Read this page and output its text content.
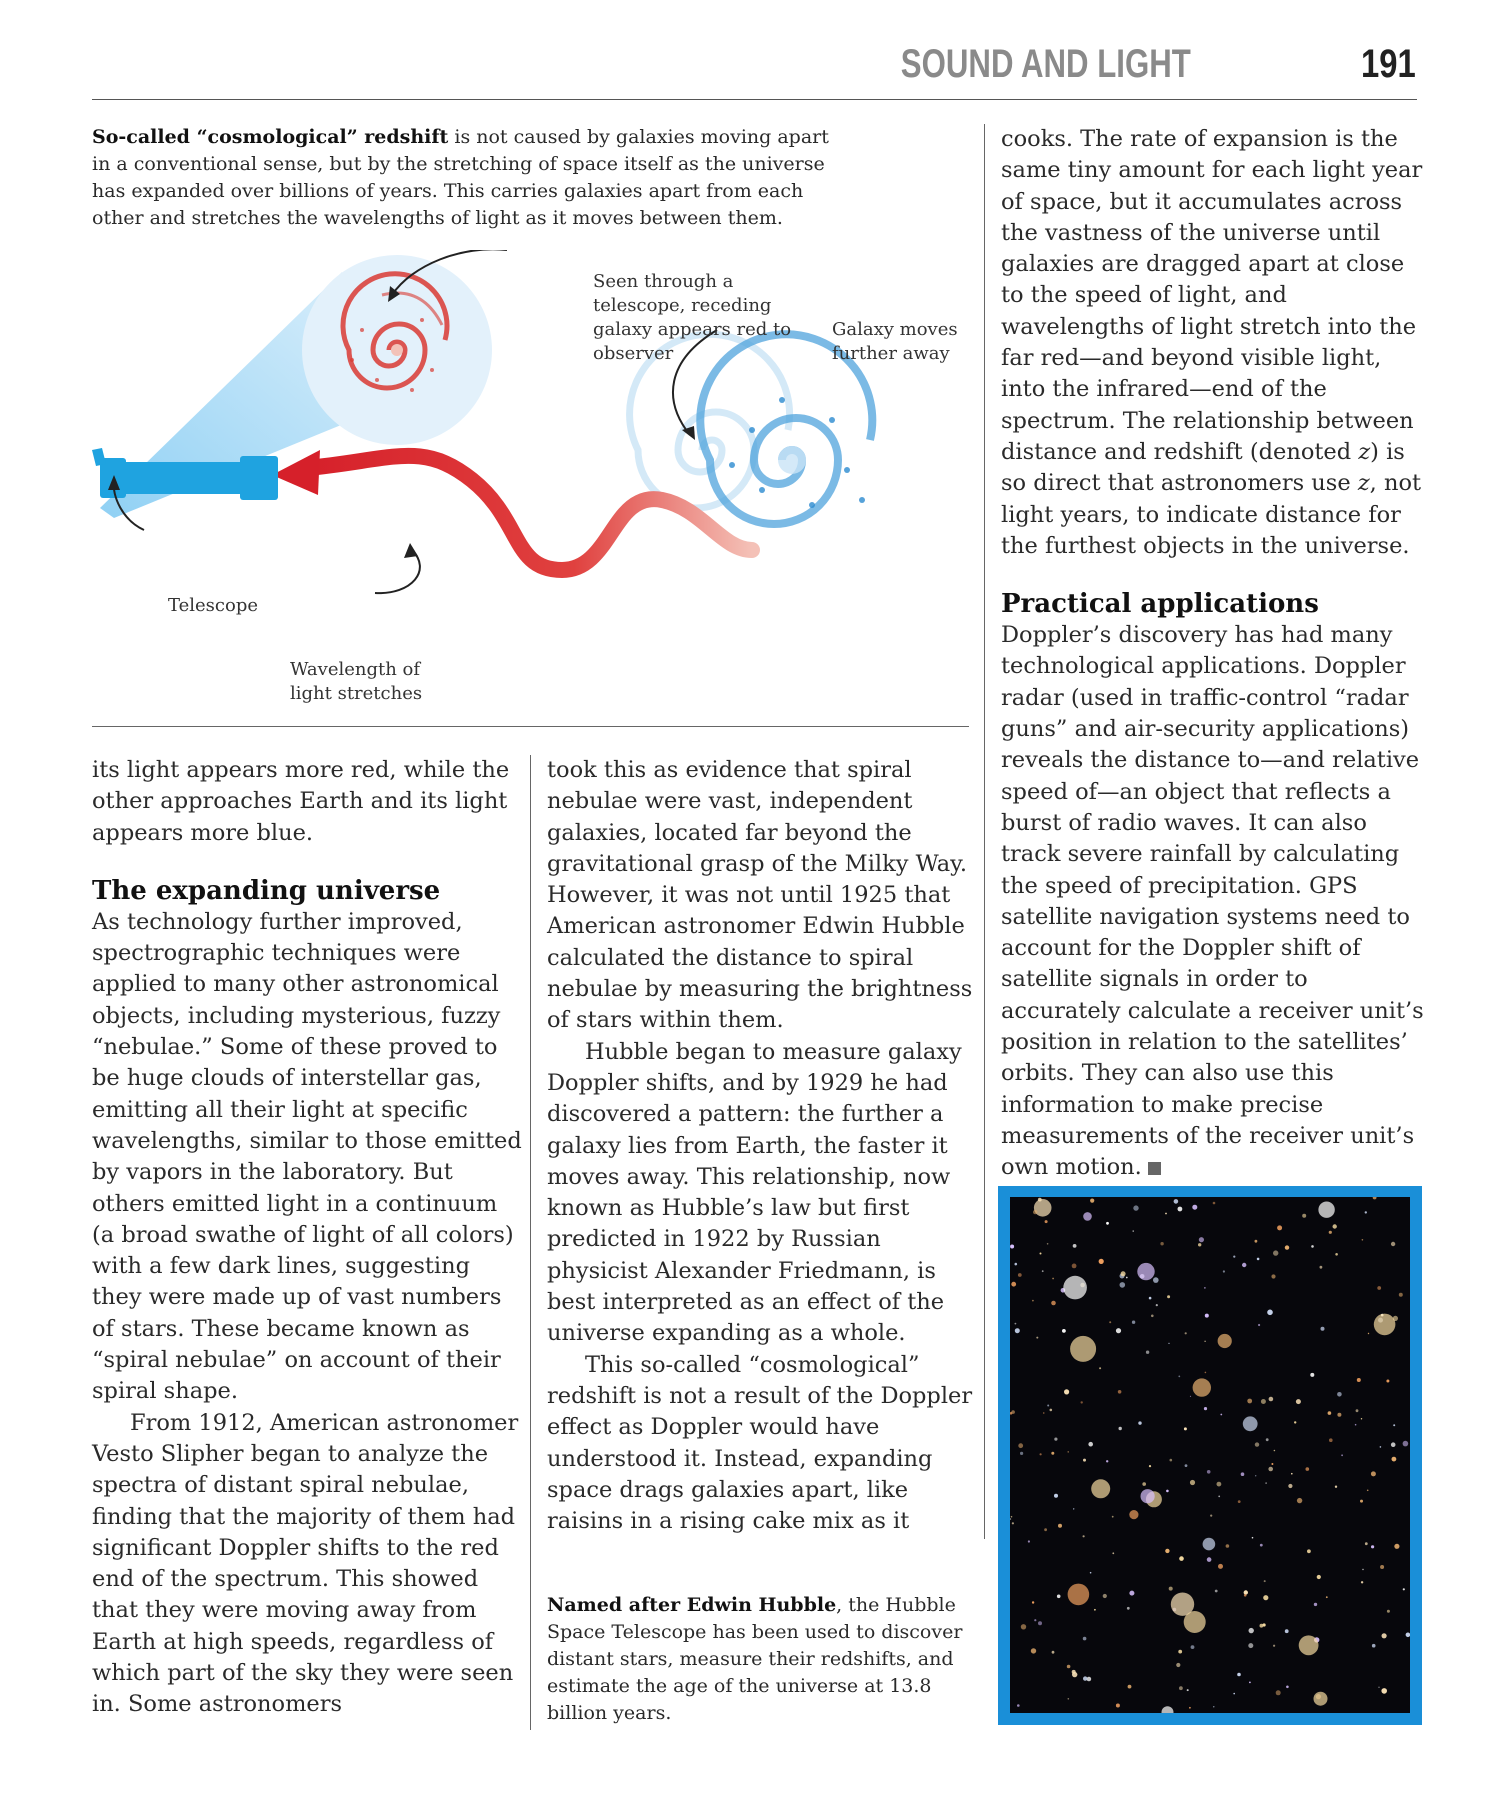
SOUND AND LIGHT	191

So-called “cosmological” redshift is not caused by galaxies moving apart in a conventional sense, but by the stretching of space itself as the universe has expanded over billions of years. This carries galaxies apart from each other and stretches the wavelengths of light as it moves between them.

Seen through a telescope, receding galaxy appears red to observer
Galaxy moves further away
Telescope
Wavelength of light stretches

its light appears more red, while the other approaches Earth and its light appears more blue.

The expanding universe

As technology further improved, spectrographic techniques were applied to many other astronomical objects, including mysterious, fuzzy “nebulae.” Some of these proved to be huge clouds of interstellar gas, emitting all their light at specific wavelengths, similar to those emitted by vapors in the laboratory. But others emitted light in a continuum (a broad swathe of light of all colors) with a few dark lines, suggesting they were made up of vast numbers of stars. These became known as “spiral nebulae” on account of their spiral shape.

From 1912, American astronomer Vesto Slipher began to analyze the spectra of distant spiral nebulae, finding that the majority of them had significant Doppler shifts to the red end of the spectrum. This showed that they were moving away from Earth at high speeds, regardless of which part of the sky they were seen in. Some astronomers

took this as evidence that spiral nebulae were vast, independent galaxies, located far beyond the gravitational grasp of the Milky Way. However, it was not until 1925 that American astronomer Edwin Hubble calculated the distance to spiral nebulae by measuring the brightness of stars within them.

Hubble began to measure galaxy Doppler shifts, and by 1929 he had discovered a pattern: the further a galaxy lies from Earth, the faster it moves away. This relationship, now known as Hubble’s law but first predicted in 1922 by Russian physicist Alexander Friedmann, is best interpreted as an effect of the universe expanding as a whole.

This so-called “cosmological” redshift is not a result of the Doppler effect as Doppler would have understood it. Instead, expanding space drags galaxies apart, like raisins in a rising cake mix as it

Named after Edwin Hubble, the Hubble Space Telescope has been used to discover distant stars, measure their redshifts, and estimate the age of the universe at 13.8 billion years.

cooks. The rate of expansion is the same tiny amount for each light year of space, but it accumulates across the vastness of the universe until galaxies are dragged apart at close to the speed of light, and wavelengths of light stretch into the far red—and beyond visible light, into the infrared—end of the spectrum. The relationship between distance and redshift (denoted z) is so direct that astronomers use z, not light years, to indicate distance for the furthest objects in the universe.

Practical applications

Doppler’s discovery has had many technological applications. Doppler radar (used in traffic-control “radar guns” and air-security applications) reveals the distance to—and relative speed of—an object that reflects a burst of radio waves. It can also track severe rainfall by calculating the speed of precipitation. GPS satellite navigation systems need to account for the Doppler shift of satellite signals in order to accurately calculate a receiver unit’s position in relation to the satellites’ orbits. They can also use this information to make precise measurements of the receiver unit’s own motion.
